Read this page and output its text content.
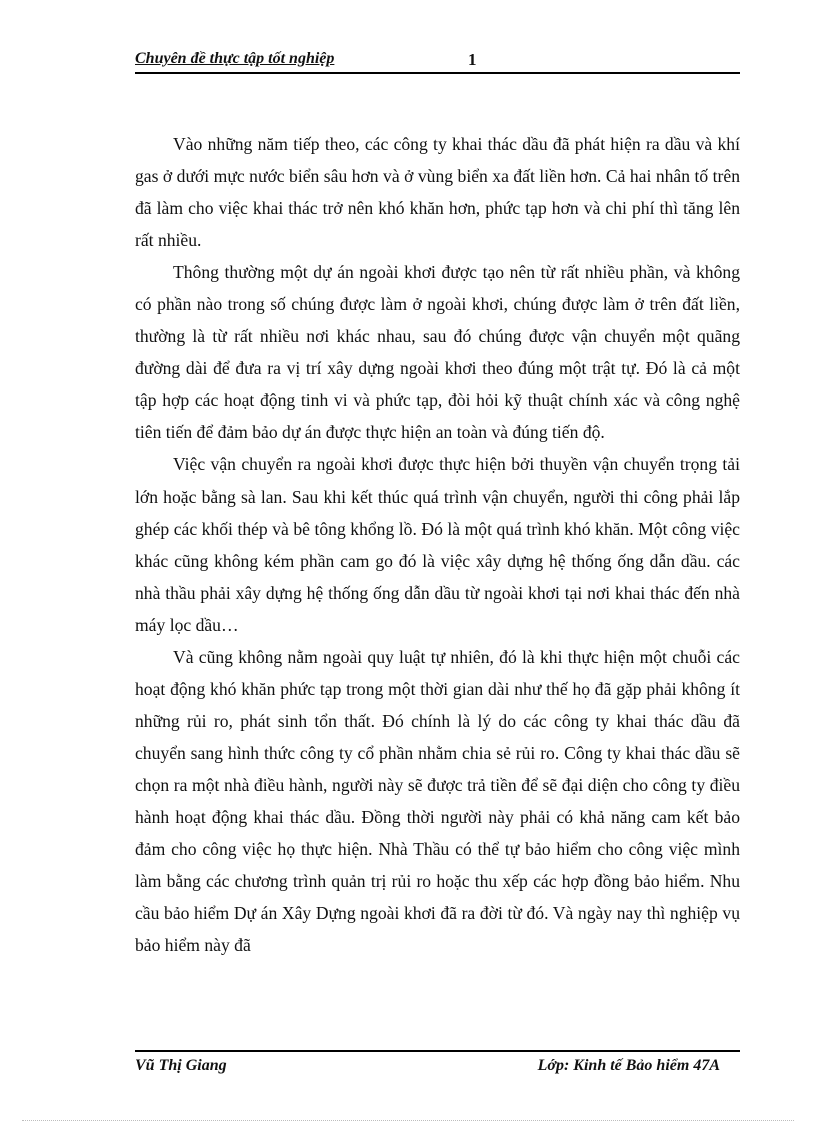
Chuyên đề thực tập tốt nghiệp	1

Vào những năm tiếp theo, các công ty khai thác dầu đã phát hiện ra dầu và khí gas ở dưới mực nước biển sâu hơn và ở vùng biển xa đất liền hơn. Cả hai nhân tố trên đã làm cho việc khai thác trở nên khó khăn hơn, phức tạp hơn và chi phí thì tăng lên rất nhiều.

Thông thường một dự án ngoài khơi được tạo nên từ rất nhiều phần, và không có phần nào trong số chúng được làm ở ngoài khơi, chúng được làm ở trên đất liền, thường là từ rất nhiều nơi khác nhau, sau đó chúng được vận chuyển một quãng đường dài để đưa ra vị trí xây dựng ngoài khơi theo đúng một trật tự. Đó là cả một tập hợp các hoạt động tinh vi và phức tạp, đòi hỏi kỹ thuật chính xác và công nghệ tiên tiến để đảm bảo dự án được thực hiện an toàn và đúng tiến độ.

Việc vận chuyển ra ngoài khơi được thực hiện bởi thuyền vận chuyển trọng tải lớn hoặc bằng sà lan. Sau khi kết thúc quá trình vận chuyển, người thi công phải lắp ghép các khối thép và bê tông khổng lồ. Đó là một quá trình khó khăn. Một công việc khác cũng không kém phần cam go đó là việc xây dựng hệ thống ống dẫn dầu. các nhà thầu phải xây dựng hệ thống ống dẫn dầu từ ngoài khơi tại nơi khai thác đến nhà máy lọc dầu…

Và cũng không nằm ngoài quy luật tự nhiên, đó là khi thực hiện một chuỗi các hoạt động khó khăn phức tạp trong một thời gian dài như thế họ đã gặp phải không ít những rủi ro, phát sinh tổn thất. Đó chính là lý do các công ty khai thác dầu đã chuyển sang hình thức công ty cổ phần nhằm chia sẻ rủi ro. Công ty khai thác dầu sẽ chọn ra một nhà điều hành, người này sẽ được trả tiền để sẽ đại diện cho công ty điều hành hoạt động khai thác dầu. Đồng thời người này phải có khả năng cam kết bảo đảm cho công việc họ thực hiện. Nhà Thầu có thể tự bảo hiểm cho công việc mình làm bằng các chương trình quản trị rủi ro hoặc thu xếp các hợp đồng bảo hiểm. Nhu cầu bảo hiểm Dự án Xây Dựng ngoài khơi đã ra đời từ đó. Và ngày nay thì nghiệp vụ bảo hiểm này đã

Vũ Thị Giang	Lớp: Kinh tế Bảo hiểm 47A
